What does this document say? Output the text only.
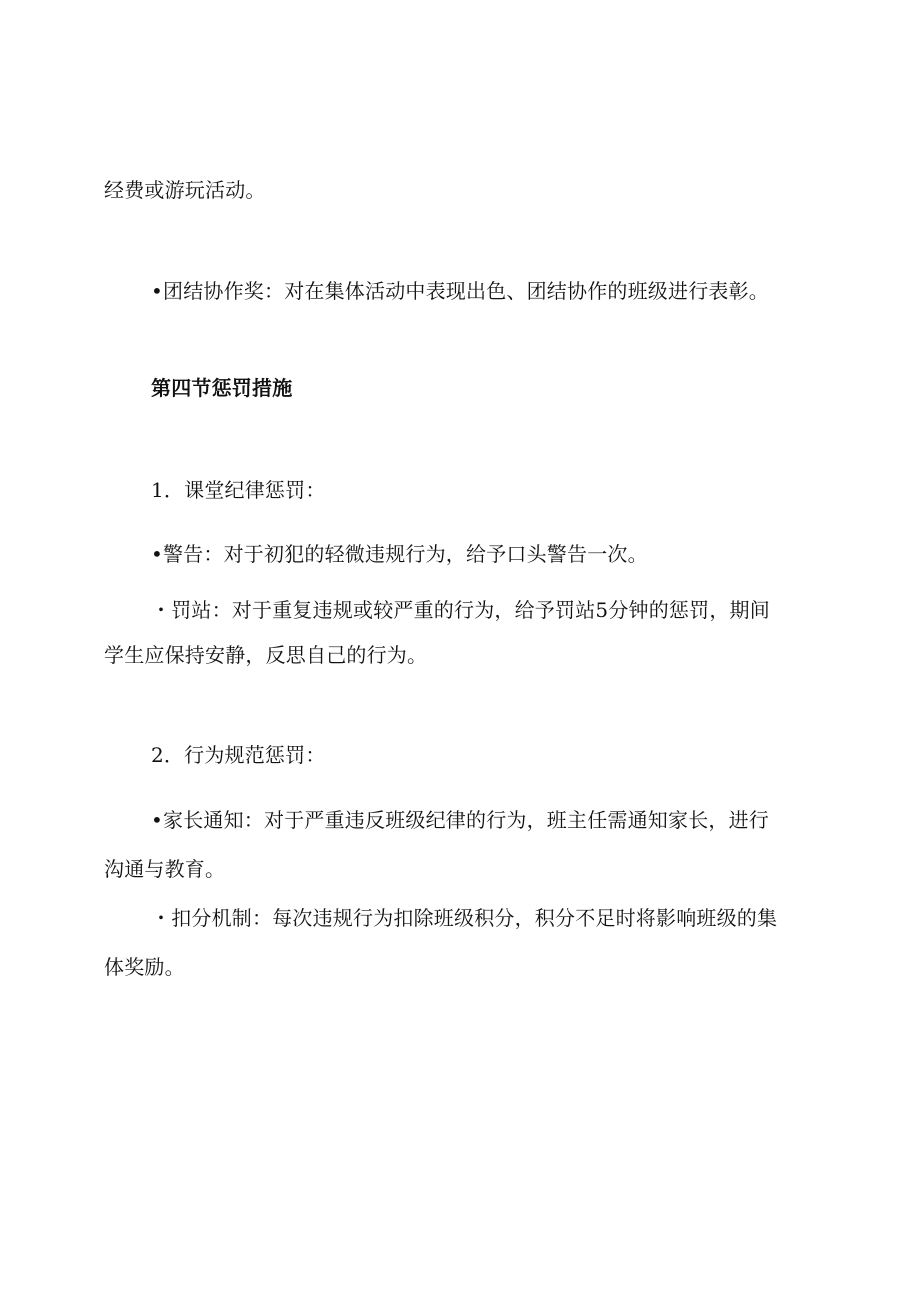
经费或游玩活动。
•团结协作奖：对在集体活动中表现出色、团结协作的班级进行表彰。
第四节惩罚措施
1．课堂纪律惩罚：
•警告：对于初犯的轻微违规行为，给予口头警告一次。
・罚站：对于重复违规或较严重的行为，给予罚站5分钟的惩罚，期间
学生应保持安静，反思自己的行为。
2．行为规范惩罚：
•家长通知：对于严重违反班级纪律的行为，班主任需通知家长，进行
沟通与教育。
・扣分机制：每次违规行为扣除班级积分，积分不足时将影响班级的集
体奖励。
